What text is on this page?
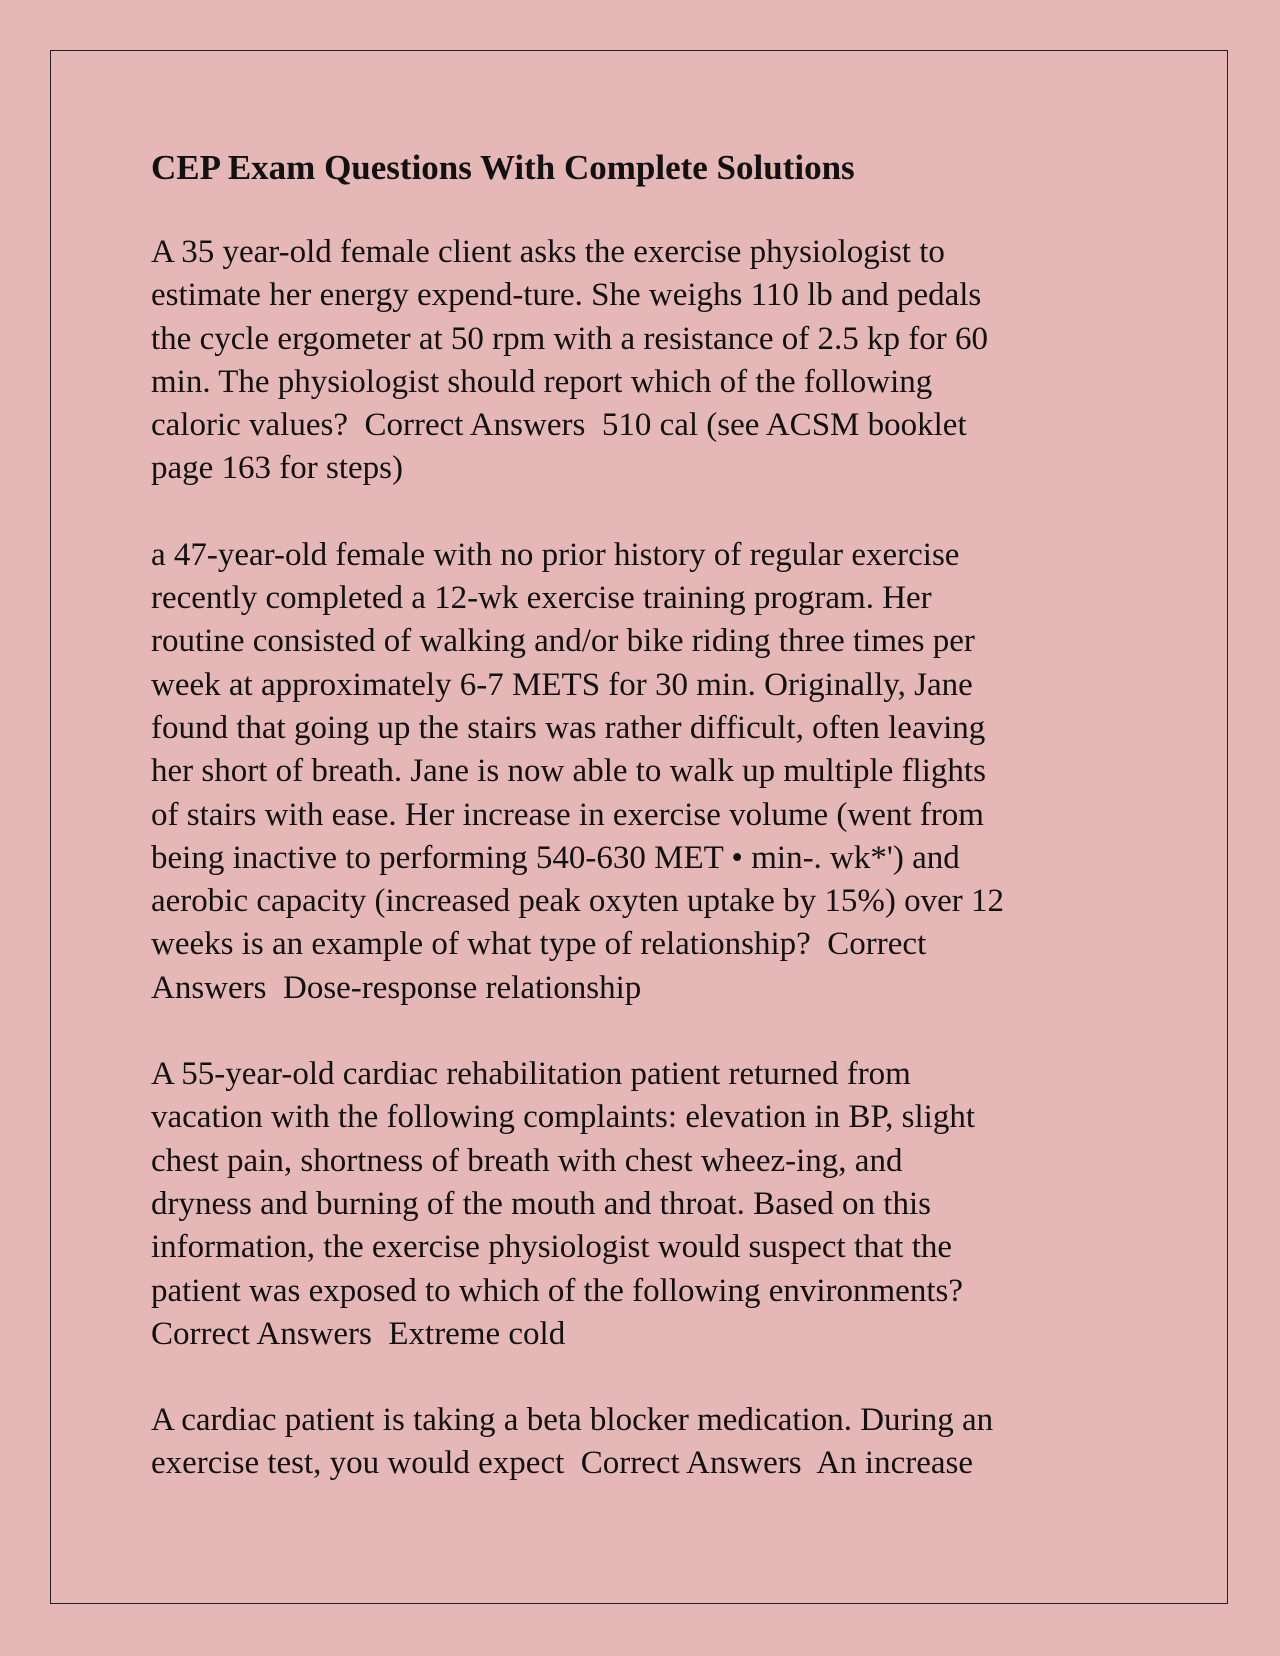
CEP Exam Questions With Complete Solutions
A 35 year-old female client asks the exercise physiologist to
estimate her energy expend-ture. She weighs 110 lb and pedals
the cycle ergometer at 50 rpm with a resistance of 2.5 kp for 60
min. The physiologist should report which of the following
caloric values?  Correct Answers  510 cal (see ACSM booklet
page 163 for steps)
a 47-year-old female with no prior history of regular exercise
recently completed a 12-wk exercise training program. Her
routine consisted of walking and/or bike riding three times per
week at approximately 6-7 METS for 30 min. Originally, Jane
found that going up the stairs was rather difficult, often leaving
her short of breath. Jane is now able to walk up multiple flights
of stairs with ease. Her increase in exercise volume (went from
being inactive to performing 540-630 MET • min-. wk*') and
aerobic capacity (increased peak oxyten uptake by 15%) over 12
weeks is an example of what type of relationship?  Correct
Answers  Dose-response relationship
A 55-year-old cardiac rehabilitation patient returned from
vacation with the following complaints: elevation in BP, slight
chest pain, shortness of breath with chest wheez-ing, and
dryness and burning of the mouth and throat. Based on this
information, the exercise physiologist would suspect that the
patient was exposed to which of the following environments?
Correct Answers  Extreme cold
A cardiac patient is taking a beta blocker medication. During an
exercise test, you would expect  Correct Answers  An increase
